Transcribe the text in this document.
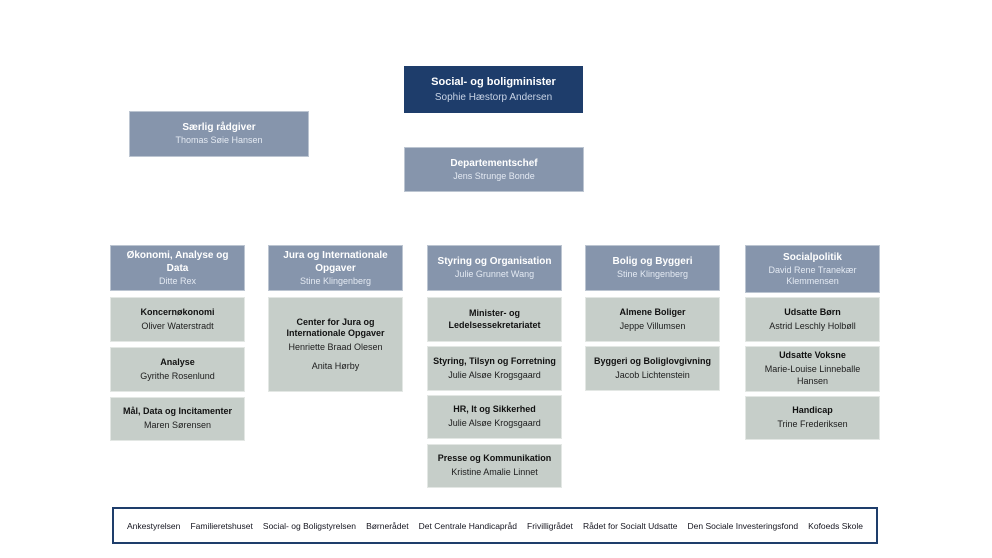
Social- og boligminister
Sophie Hæstorp Andersen
Særlig rådgiver
Thomas Søie Hansen
Departementschef
Jens Strunge Bonde
Økonomi, Analyse og Data
Ditte Rex
Koncernøkonomi
Oliver Waterstradt
Analyse
Gyrithe Rosenlund
Mål, Data og Incitamenter
Maren Sørensen
Jura og Internationale Opgaver
Stine Klingenberg
Center for Jura og Internationale Opgaver
Henriette Braad Olesen
Anita Hørby
Styring og Organisation
Julie Grunnet Wang
Minister- og Ledelsessekretariatet
Styring, Tilsyn og Forretning
Julie Alsøe Krogsgaard
HR, It og Sikkerhed
Julie Alsøe Krogsgaard
Presse og Kommunikation
Kristine Amalie Linnet
Bolig og Byggeri
Stine Klingenberg
Almene Boliger
Jeppe Villumsen
Byggeri og Boliglovgivning
Jacob Lichtenstein
Socialpolitik
David Rene Tranekær Klemmensen
Udsatte Børn
Astrid Leschly Holbøll
Udsatte Voksne
Marie-Louise Linneballe Hansen
Handicap
Trine Frederiksen
Ankestyrelsen Familieretshuset Social- og Boligstyrelsen Børnerådet Det Centrale Handicapråd Frivilligrådet Rådet for Socialt Udsatte Den Sociale Investeringsfond Kofoeds Skole
